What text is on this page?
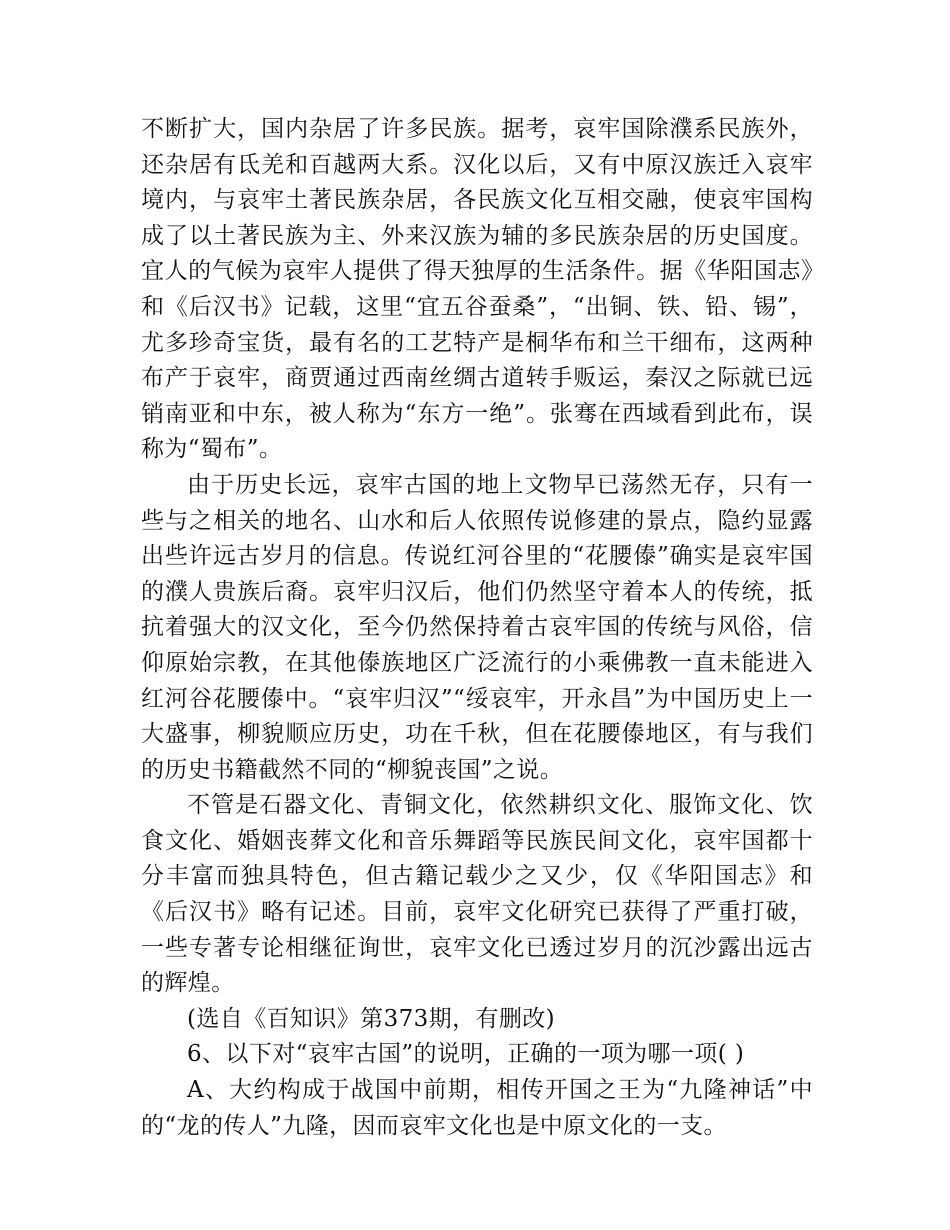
不断扩大，国内杂居了许多民族。据考，哀牢国除濮系民族外，还杂居有氐羌和百越两大系。汉化以后，又有中原汉族迁入哀牢境内，与哀牢土著民族杂居，各民族文化互相交融，使哀牢国构成了以土著民族为主、外来汉族为辅的多民族杂居的历史国度。宜人的气候为哀牢人提供了得天独厚的生活条件。据《华阳国志》和《后汉书》记载，这里“宜五谷蚕桑”，“出铜、铁、铅、锡”，尤多珍奇宝货，最有名的工艺特产是桐华布和兰干细布，这两种布产于哀牢，商贾通过西南丝绸古道转手贩运，秦汉之际就已远销南亚和中东，被人称为“东方一绝”。张骞在西域看到此布，误称为“蜀布”。

由于历史长远，哀牢古国的地上文物早已荡然无存，只有一些与之相关的地名、山水和后人依照传说修建的景点，隐约显露出些许远古岁月的信息。传说红河谷里的“花腰傣”确实是哀牢国的濮人贵族后裔。哀牢归汉后，他们仍然坚守着本人的传统，抵抗着强大的汉文化，至今仍然保持着古哀牢国的传统与风俗，信仰原始宗教，在其他傣族地区广泛流行的小乘佛教一直未能进入红河谷花腰傣中。“哀牢归汉”“绥哀牢，开永昌”为中国历史上一大盛事，柳貌顺应历史，功在千秋，但在花腰傣地区，有与我们的历史书籍截然不同的“柳貌丧国”之说。

不管是石器文化、青铜文化，依然耕织文化、服饰文化、饮食文化、婚姻丧葬文化和音乐舞蹈等民族民间文化，哀牢国都十分丰富而独具特色，但古籍记载少之又少，仅《华阳国志》和《后汉书》略有记述。目前，哀牢文化研究已获得了严重打破，一些专著专论相继征询世，哀牢文化已透过岁月的沉沙露出远古的辉煌。

(选自《百知识》第373期，有删改)

6、以下对“哀牢古国”的说明，正确的一项为哪一项( )

A、大约构成于战国中前期，相传开国之王为“九隆神话”中的“龙的传人”九隆，因而哀牢文化也是中原文化的一支。
